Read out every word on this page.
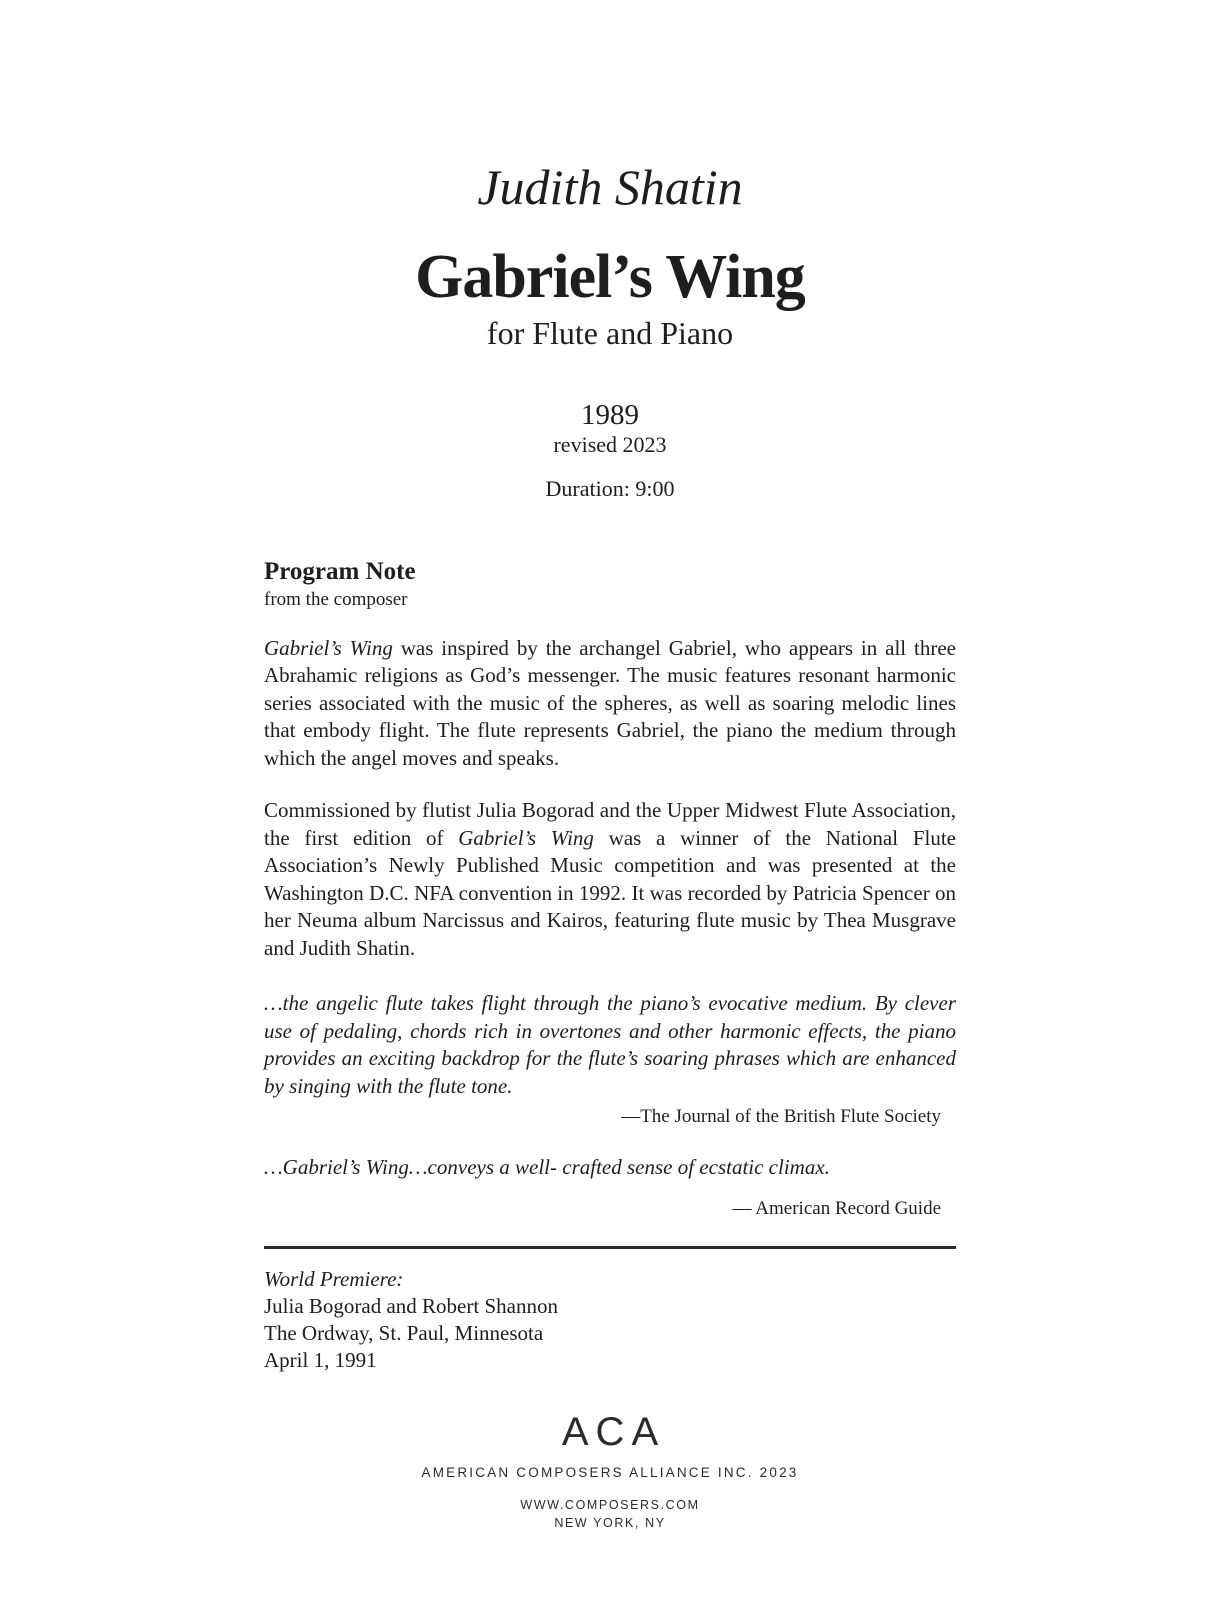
Judith Shatin
Gabriel’s Wing
for Flute and Piano
1989
revised 2023
Duration: 9:00
Program Note
from the composer

Gabriel’s Wing was inspired by the archangel Gabriel, who appears in all three Abrahamic religions as God’s messenger. The music features resonant harmonic series associated with the music of the spheres, as well as soaring melodic lines that embody flight. The flute represents Gabriel, the piano the medium through which the angel moves and speaks.

Commissioned by flutist Julia Bogorad and the Upper Midwest Flute Association, the first edition of Gabriel’s Wing was a winner of the National Flute Association’s Newly Published Music competition and was presented at the Washington D.C. NFA convention in 1992. It was recorded by Patricia Spencer on her Neuma album Narcissus and Kairos, featuring flute music by Thea Musgrave and Judith Shatin.

…the angelic flute takes flight through the piano’s evocative medium. By clever use of pedaling, chords rich in overtones and other harmonic effects, the piano provides an exciting backdrop for the flute’s soaring phrases which are enhanced by singing with the flute tone.

—The Journal of the British Flute Society

…Gabriel’s Wing…conveys a well- crafted sense of ecstatic climax.

— American Record Guide
World Premiere:
Julia Bogorad and Robert Shannon
The Ordway, St. Paul, Minnesota
April 1, 1991
ACA
AMERICAN COMPOSERS ALLIANCE INC. 2023
WWW.COMPOSERS.COM
NEW YORK, NY
